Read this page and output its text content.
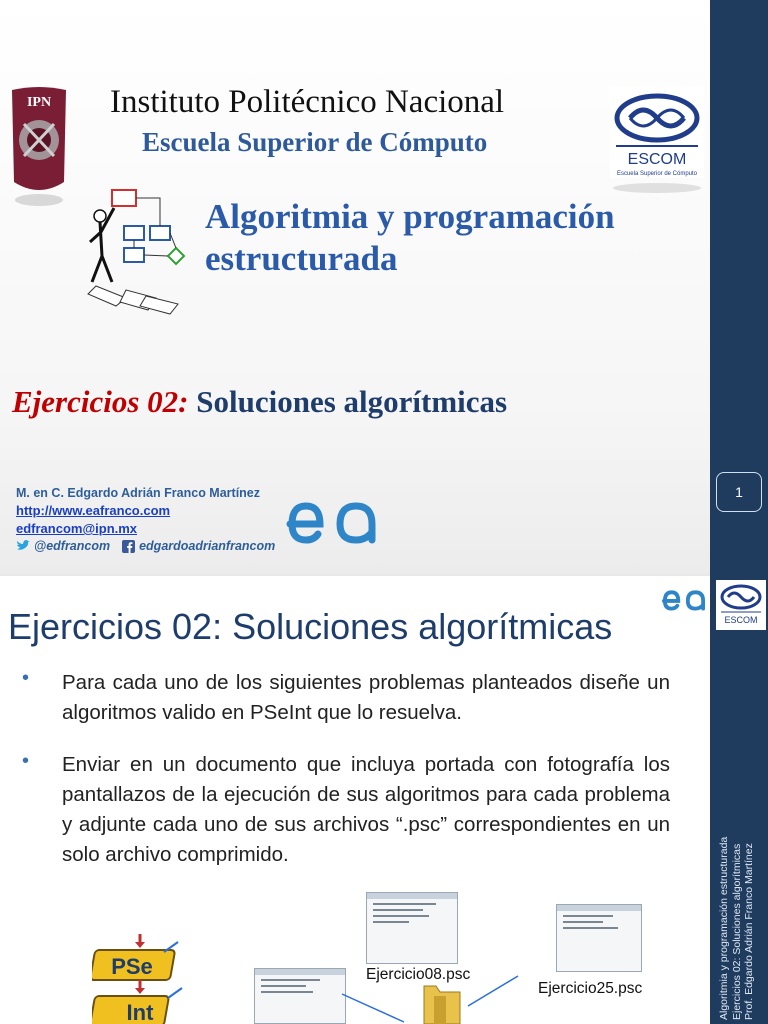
IPN
ESCOM
Escuela Superior de Cómputo
Instituto Politécnico Nacional
Escuela Superior de Cómputo
Algoritmia y programación
estructurada
Ejercicios 02: Soluciones algorítmicas
M. en C. Edgardo Adrián Franco Martínez
http://www.eafranco.com
edfrancom@ipn.mx
@edfrancom edgardoadrianfrancom
1
ESCOM
Algoritmia y programación estructurada Ejercicios 02: Soluciones algorítmicas Prof. Edgardo Adrián Franco Martínez
Ejercicios 02: Soluciones algorítmicas
• Para cada uno de los siguientes problemas planteados diseñe un algoritmos valido en PSeInt que lo resuelva.
• Enviar en un documento que incluya portada con fotografía los pantallazos de la ejecución de sus algoritmos para cada problema y adjunte cada uno de sus archivos “.psc” correspondientes en un solo archivo comprimido.
PSe
Int
Ejercicio08.psc
Ejercicio25.psc
